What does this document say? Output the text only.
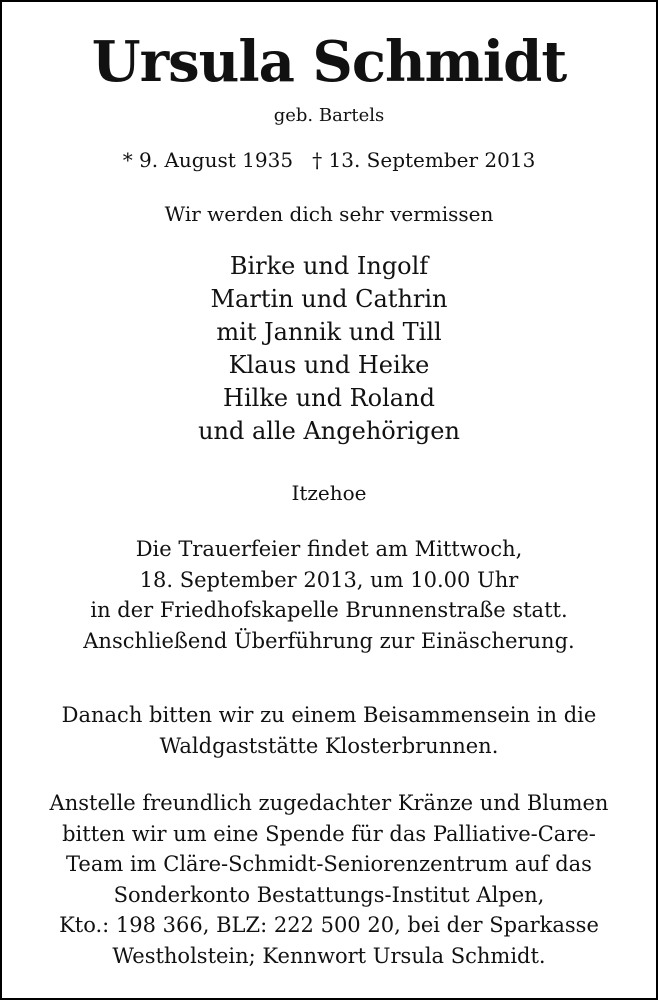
Ursula Schmidt
geb. Bartels
* 9. August 1935 † 13. September 2013
Wir werden dich sehr vermissen
Birke und Ingolf
Martin und Cathrin
mit Jannik und Till
Klaus und Heike
Hilke und Roland
und alle Angehörigen
Itzehoe
Die Trauerfeier findet am Mittwoch,
18. September 2013, um 10.00 Uhr
in der Friedhofskapelle Brunnenstraße statt.
Anschließend Überführung zur Einäscherung.
Danach bitten wir zu einem Beisammensein in die
Waldgaststätte Klosterbrunnen.
Anstelle freundlich zugedachter Kränze und Blumen
bitten wir um eine Spende für das Palliative-Care-
Team im Cläre-Schmidt-Seniorenzentrum auf das
Sonderkonto Bestattungs-Institut Alpen,
Kto.: 198 366, BLZ: 222 500 20, bei der Sparkasse
Westholstein; Kennwort Ursula Schmidt.
